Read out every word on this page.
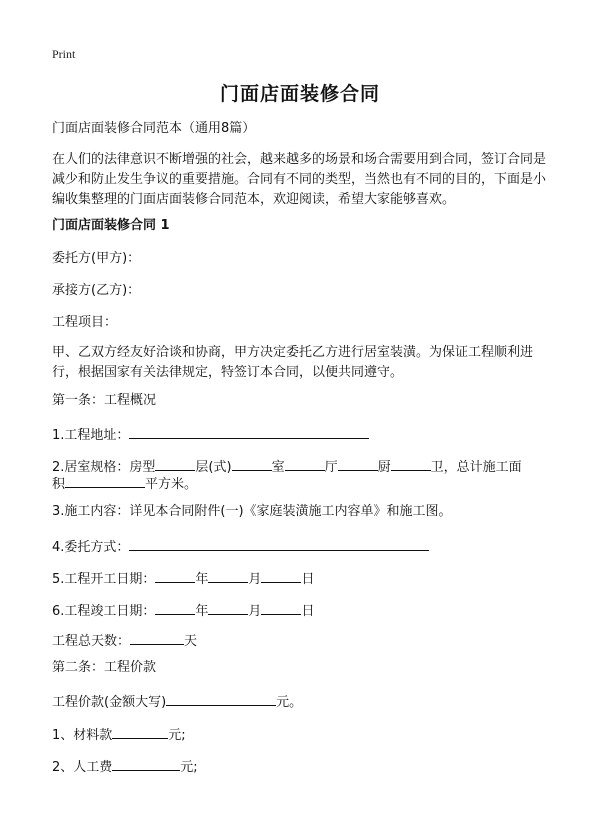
Print
门面店面装修合同
门面店面装修合同范本（通用8篇）
在人们的法律意识不断增强的社会，越来越多的场景和场合需要用到合同，签订合同是减少和防止发生争议的重要措施。合同有不同的类型，当然也有不同的目的，下面是小编收集整理的门面店面装修合同范本，欢迎阅读，希望大家能够喜欢。
门面店面装修合同 1
委托方(甲方)：
承接方(乙方)：
工程项目：
甲、乙双方经友好洽谈和协商，甲方决定委托乙方进行居室装潢。为保证工程顺利进行，根据国家有关法律规定，特签订本合同，以便共同遵守。
第一条：工程概况
1.工程地址：
2.居室规格：房型	层(式)	室	厅	厨	卫，总计施工面
积	平方米。
3.施工内容：详见本合同附件(一)《家庭装潢施工内容单》和施工图。
4.委托方式：
5.工程开工日期：	年	月	日
6.工程竣工日期：	年	月	日
工程总天数：	天
第二条：工程价款
工程价款(金额大写)	元。
1、材料款	元;
2、人工费	元;
